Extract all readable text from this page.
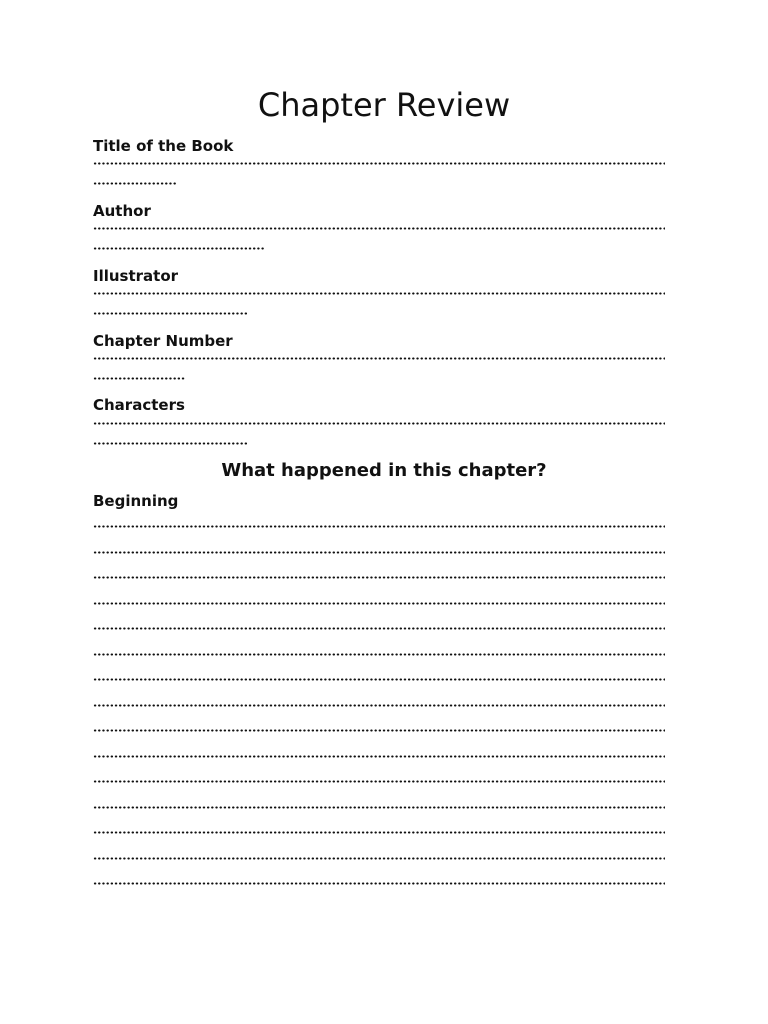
Chapter Review
Title of the Book
Author
Illustrator
Chapter Number
Characters
What happened in this chapter?
Beginning
